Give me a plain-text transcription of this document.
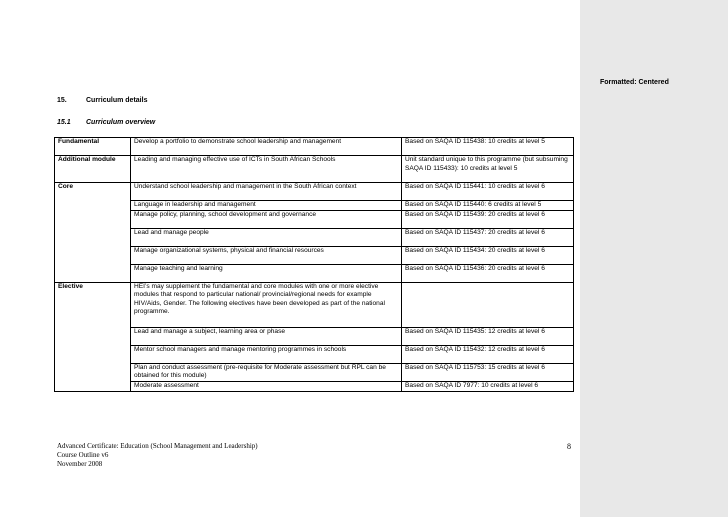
Formatted: Centered
15.	Curriculum details
15.1 Curriculum overview
Fundamental	Develop a portfolio to demonstrate school leadership and management	Based on SAQA ID 115438: 10 credits at level 5
Additional module	Leading and managing effective use of ICTs in South African Schools	Unit standard unique to this programme (but subsuming SAQA ID 115433): 10 credits at level 5
Core	Understand school leadership and management in the South African context	Based on SAQA ID 115441: 10 credits at level 6
	Language in leadership and management	Based on SAQA ID 115440: 6 credits at level 5
	Manage policy, planning, school development and governance	Based on SAQA ID 115439: 20 credits at level 6
	Lead and manage people	Based on SAQA ID 115437: 20 credits at level 6
	Manage organizational systems, physical and financial resources	Based on SAQA ID 115434: 20 credits at level 6
	Manage teaching and learning	Based on SAQA ID 115436: 20 credits at level 6
Elective	HEI’s may supplement the fundamental and core modules with one or more elective modules that respond to particular national/ provincial/regional needs for example HIV/Aids, Gender. The following electives have been developed as part of the national programme.	
	Lead and manage a subject, learning area or phase	Based on SAQA ID 115435: 12 credits at level 6
	Mentor school managers and manage mentoring programmes in schools	Based on SAQA ID 115432: 12 credits at level 6
	Plan and conduct assessment (pre-requisite for Moderate assessment but RPL can be obtained for this module)	Based on SAQA ID 115753: 15 credits at level 6
	Moderate assessment	Based on SAQA ID 7977: 10 credits at level 6
Advanced Certificate: Education (School Management and Leadership)
Course Outline v6
November 2008
8
